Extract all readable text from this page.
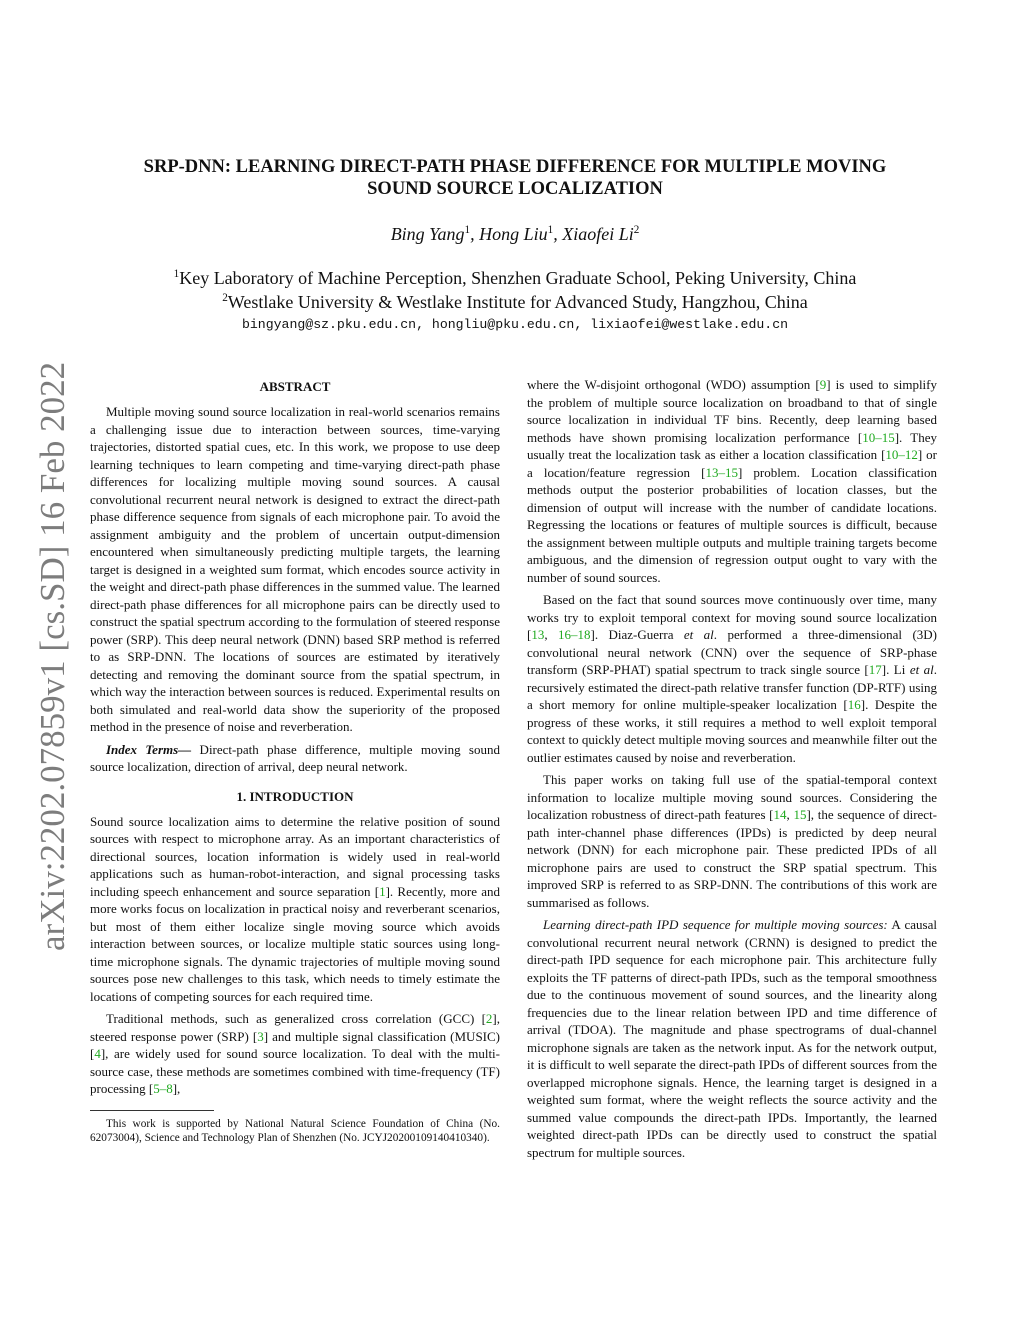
arXiv:2202.07859v1 [cs.SD] 16 Feb 2022
SRP-DNN: LEARNING DIRECT-PATH PHASE DIFFERENCE FOR MULTIPLE MOVING
SOUND SOURCE LOCALIZATION
Bing Yang$^1$, Hong Liu$^1$, Xiaofei Li$^2$
$^1$Key Laboratory of Machine Perception, Shenzhen Graduate School, Peking University, China
$^2$Westlake University & Westlake Institute for Advanced Study, Hangzhou, China
bingyang@sz.pku.edu.cn, hongliu@pku.edu.cn, lixiaofei@westlake.edu.cn
ABSTRACT

Multiple moving sound source localization in real-world scenarios remains a challenging issue due to interaction between sources, time-varying trajectories, distorted spatial cues, etc. In this work, we propose to use deep learning techniques to learn competing and time-varying direct-path phase differences for localizing multiple moving sound sources. A causal convolutional recurrent neural network is designed to extract the direct-path phase difference sequence from signals of each microphone pair. To avoid the assignment ambiguity and the problem of uncertain output-dimension encountered when simultaneously predicting multiple targets, the learning target is designed in a weighted sum format, which encodes source activity in the weight and direct-path phase differences in the summed value. The learned direct-path phase differences for all microphone pairs can be directly used to construct the spatial spectrum according to the formulation of steered response power (SRP). This deep neural network (DNN) based SRP method is referred to as SRP-DNN. The locations of sources are estimated by iteratively detecting and removing the dominant source from the spatial spectrum, in which way the interaction between sources is reduced. Experimental results on both simulated and real-world data show the superiority of the proposed method in the presence of noise and reverberation.

Index Terms— Direct-path phase difference, multiple moving sound source localization, direction of arrival, deep neural network.

1. INTRODUCTION

Sound source localization aims to determine the relative position of sound sources with respect to microphone array. As an important characteristics of directional sources, location information is widely used in real-world applications such as human-robot-interaction, and signal processing tasks including speech enhancement and source separation [1]. Recently, more and more works focus on localization in practical noisy and reverberant scenarios, but most of them either localize single moving source which avoids interaction between sources, or localize multiple static sources using long-time microphone signals. The dynamic trajectories of multiple moving sound sources pose new challenges to this task, which needs to timely estimate the locations of competing sources for each required time.

Traditional methods, such as generalized cross correlation (GCC) [2], steered response power (SRP) [3] and multiple signal classification (MUSIC) [4], are widely used for sound source localization. To deal with the multi-source case, these methods are sometimes combined with time-frequency (TF) processing [5–8],

This work is supported by National Natural Science Foundation of China (No. 62073004), Science and Technology Plan of Shenzhen (No. JCYJ20200109140410340).

where the W-disjoint orthogonal (WDO) assumption [9] is used to simplify the problem of multiple source localization on broadband to that of single source localization in individual TF bins. Recently, deep learning based methods have shown promising localization performance [10–15]. They usually treat the localization task as either a location classification [10–12] or a location/feature regression [13–15] problem. Location classification methods output the posterior probabilities of location classes, but the dimension of output will increase with the number of candidate locations. Regressing the locations or features of multiple sources is difficult, because the assignment between multiple outputs and multiple training targets become ambiguous, and the dimension of regression output ought to vary with the number of sound sources.

Based on the fact that sound sources move continuously over time, many works try to exploit temporal context for moving sound source localization [13, 16–18]. Diaz-Guerra et al. performed a three-dimensional (3D) convolutional neural network (CNN) over the sequence of SRP-phase transform (SRP-PHAT) spatial spectrum to track single source [17]. Li et al. recursively estimated the direct-path relative transfer function (DP-RTF) using a short memory for online multiple-speaker localization [16]. Despite the progress of these works, it still requires a method to well exploit temporal context to quickly detect multiple moving sources and meanwhile filter out the outlier estimates caused by noise and reverberation.

This paper works on taking full use of the spatial-temporal context information to localize multiple moving sound sources. Considering the localization robustness of direct-path features [14, 15], the sequence of direct-path inter-channel phase differences (IPDs) is predicted by deep neural network (DNN) for each microphone pair. These predicted IPDs of all microphone pairs are used to construct the SRP spatial spectrum. This improved SRP is referred to as SRP-DNN. The contributions of this work are summarised as follows.

Learning direct-path IPD sequence for multiple moving sources: A causal convolutional recurrent neural network (CRNN) is designed to predict the direct-path IPD sequence for each microphone pair. This architecture fully exploits the TF patterns of direct-path IPDs, such as the temporal smoothness due to the continuous movement of sound sources, and the linearity along frequencies due to the linear relation between IPD and time difference of arrival (TDOA). The magnitude and phase spectrograms of dual-channel microphone signals are taken as the network input. As for the network output, it is difficult to well separate the direct-path IPDs of different sources from the overlapped microphone signals. Hence, the learning target is designed in a weighted sum format, where the weight reflects the source activity and the summed value compounds the direct-path IPDs. Importantly, the learned weighted direct-path IPDs can be directly used to construct the spatial spectrum for multiple sources.
